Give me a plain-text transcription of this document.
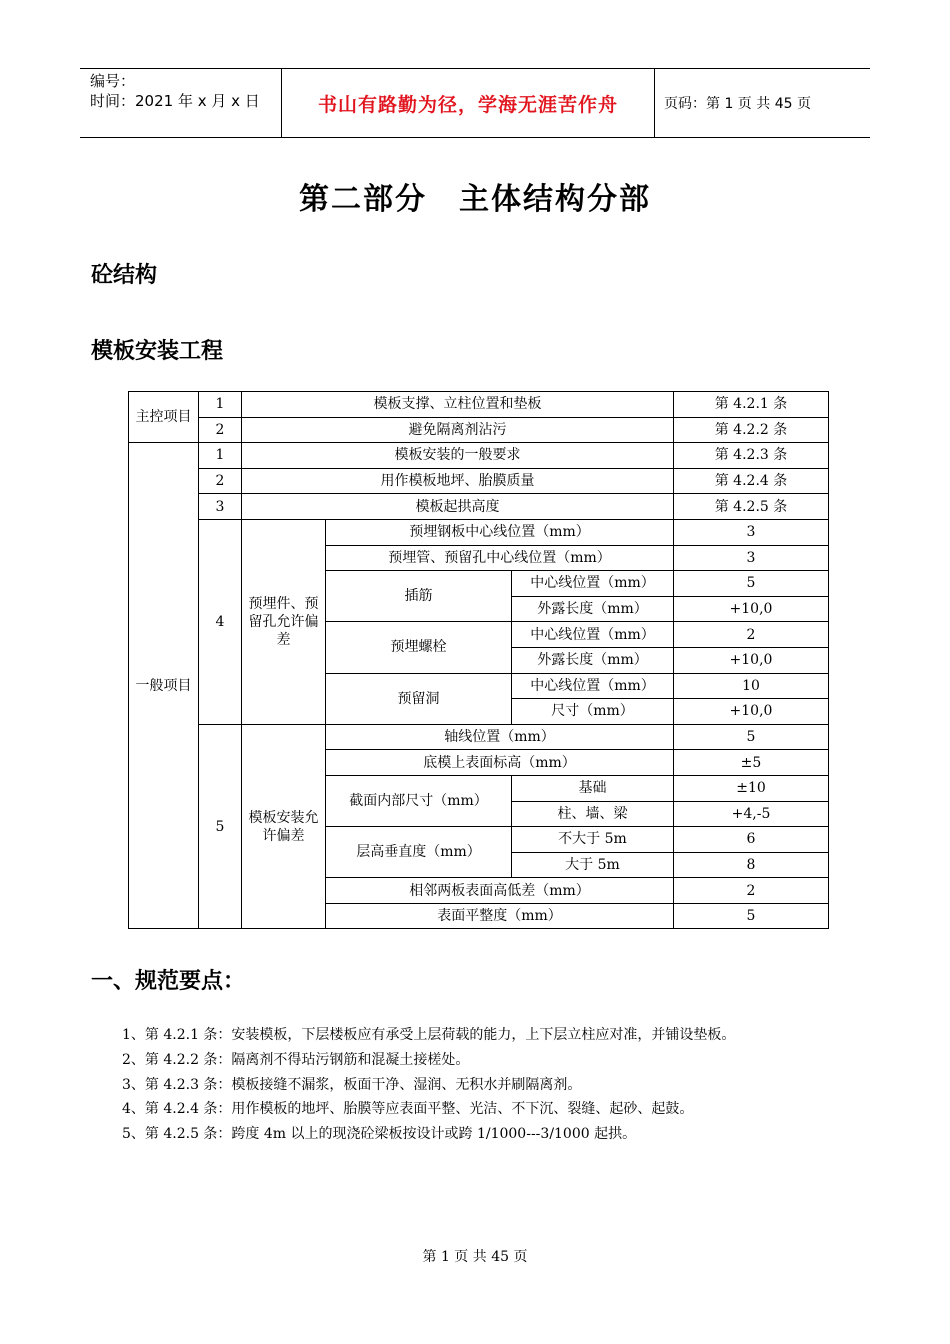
编号：
时间：2021 年 x 月 x 日	书山有路勤为径，学海无涯苦作舟	页码：第 1 页 共 45 页
第二部分　主体结构分部
砼结构
模板安装工程
主控项目	1	模板支撑、立柱位置和垫板			第 4.2.1 条
	2	避免隔离剂沾污			第 4.2.2 条
一般项目	1	模板安装的一般要求			第 4.2.3 条
	2	用作模板地坪、胎膜质量			第 4.2.4 条
	3	模板起拱高度			第 4.2.5 条
	4	预埋件、预留孔允许偏差	预埋钢板中心线位置（mm）		3
			预埋管、预留孔中心线位置（mm）		3
			插筋	中心线位置（mm）	5
				外露长度（mm）	+10,0
			预埋螺栓	中心线位置（mm）	2
				外露长度（mm）	+10,0
			预留洞	中心线位置（mm）	10
				尺寸（mm）	+10,0
	5	模板安装允许偏差	轴线位置（mm）		5
			底模上表面标高（mm）		±5
			截面内部尺寸（mm）	基础	±10
				柱、墙、梁	+4,-5
			层高垂直度（mm）	不大于 5m	6
				大于 5m	8
			相邻两板表面高低差（mm）		2
			表面平整度（mm）		5
一、规范要点：
1、第 4.2.1 条：安装模板，下层楼板应有承受上层荷载的能力，上下层立柱应对准，并铺设垫板。
2、第 4.2.2 条：隔离剂不得玷污钢筋和混凝土接槎处。
3、第 4.2.3 条：模板接缝不漏浆，板面干净、湿润、无积水并刷隔离剂。
4、第 4.2.4 条：用作模板的地坪、胎膜等应表面平整、光洁、不下沉、裂缝、起砂、起鼓。
5、第 4.2.5 条：跨度 4m 以上的现浇砼梁板按设计或跨 1/1000---3/1000 起拱。
第 1 页 共 45 页
